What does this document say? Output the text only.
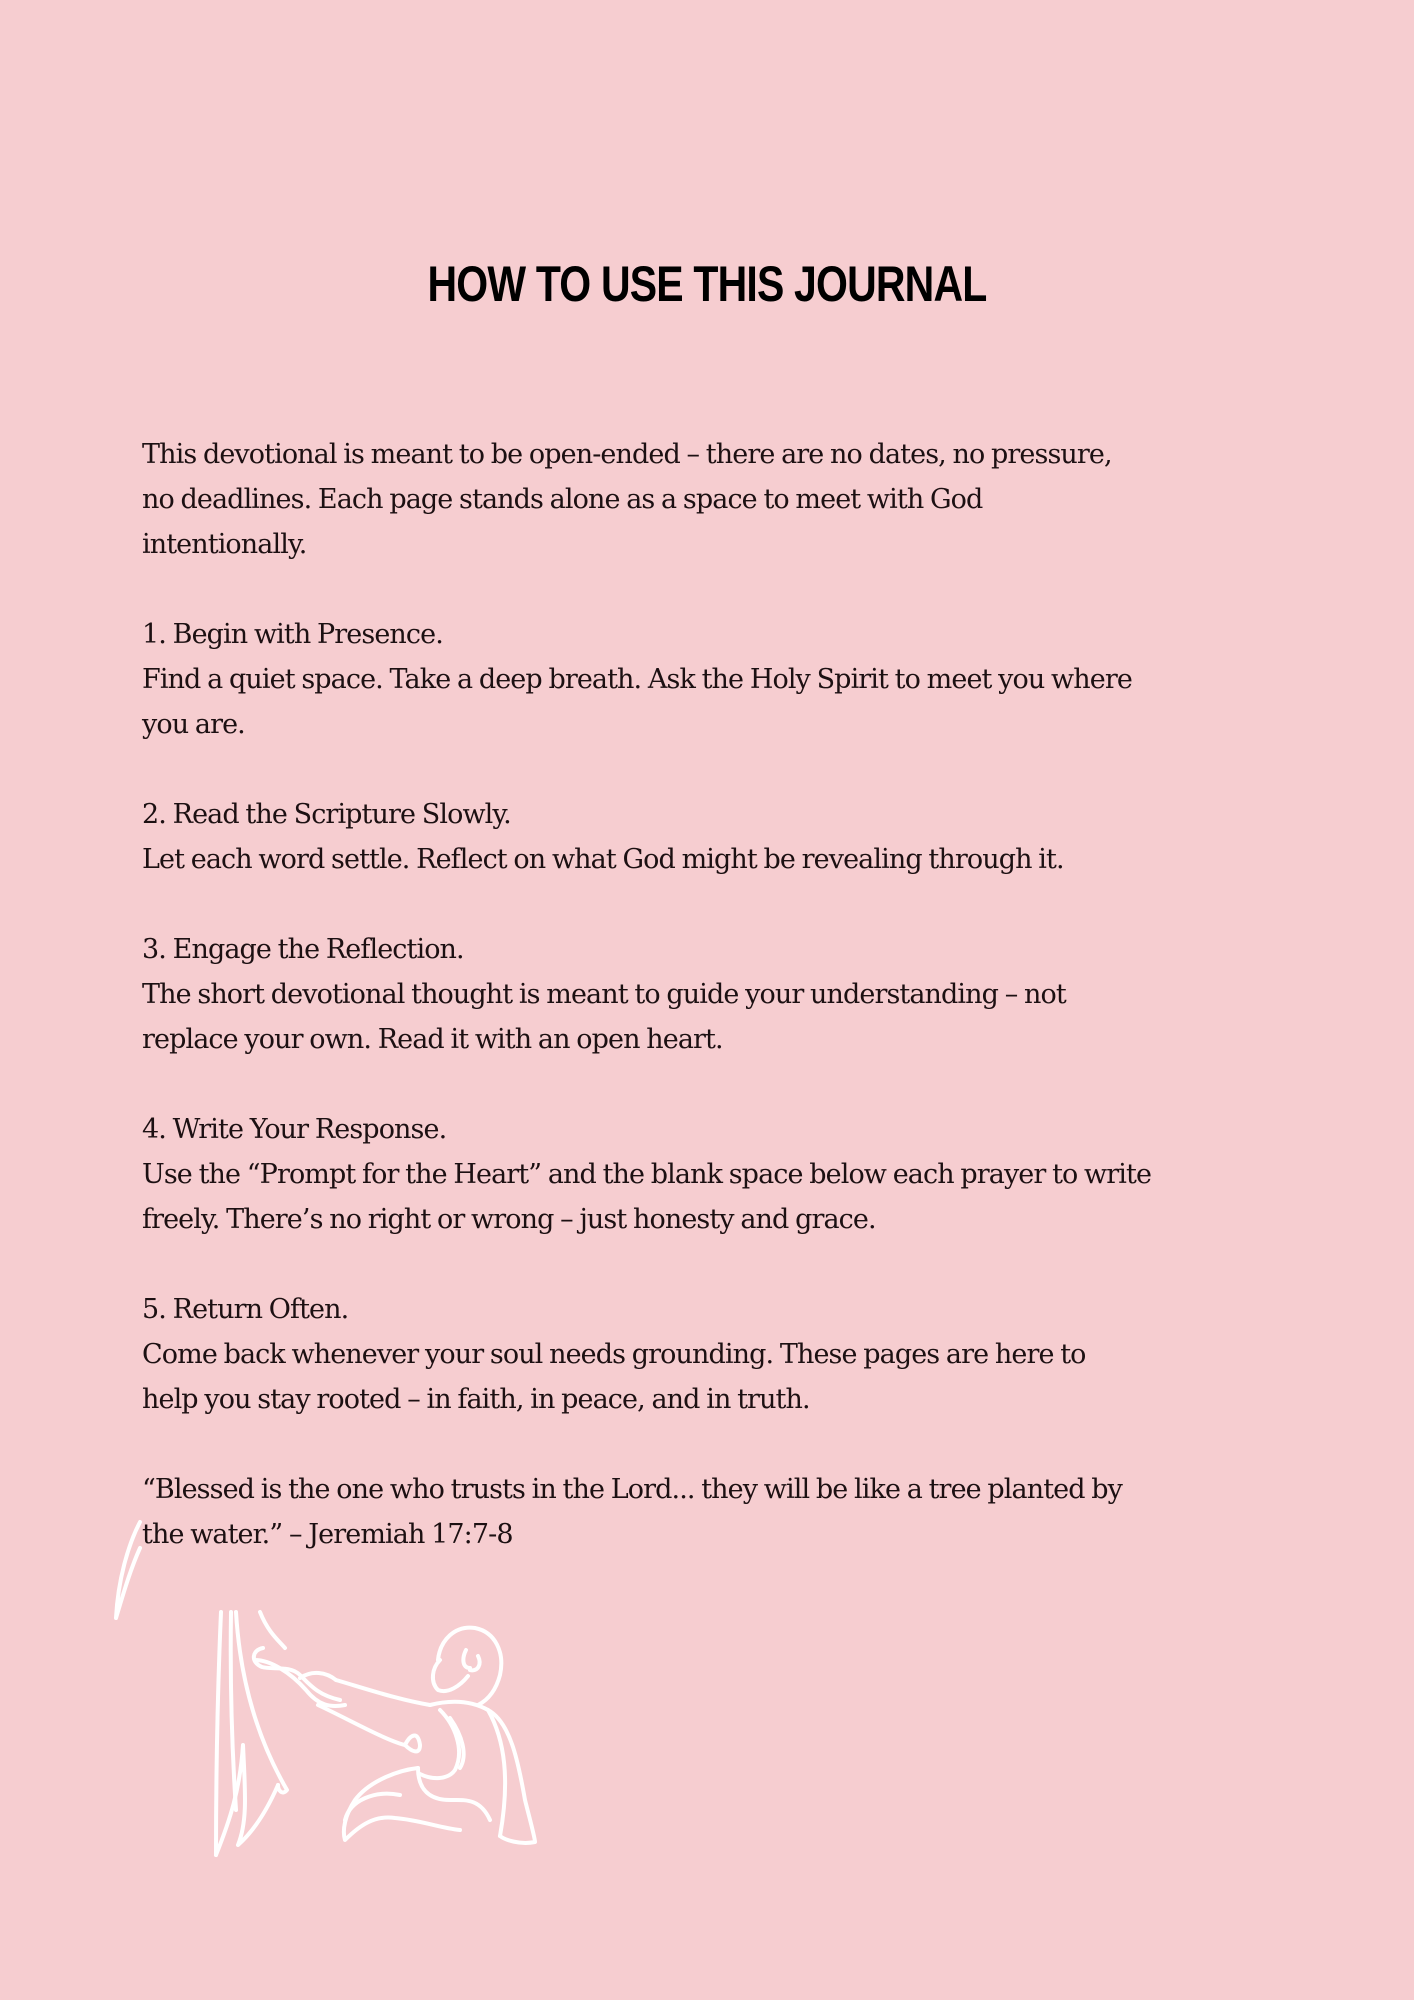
HOW TO USE THIS JOURNAL
This devotional is meant to be open-ended – there are no dates, no pressure,
no deadlines. Each page stands alone as a space to meet with God
intentionally.
1. Begin with Presence.
Find a quiet space. Take a deep breath. Ask the Holy Spirit to meet you where
you are.
2. Read the Scripture Slowly.
Let each word settle. Reflect on what God might be revealing through it.
3. Engage the Reflection.
The short devotional thought is meant to guide your understanding – not
replace your own. Read it with an open heart.
4. Write Your Response.
Use the “Prompt for the Heart” and the blank space below each prayer to write
freely. There’s no right or wrong – just honesty and grace.
5. Return Often.
Come back whenever your soul needs grounding. These pages are here to
help you stay rooted – in faith, in peace, and in truth.
“Blessed is the one who trusts in the Lord... they will be like a tree planted by
the water.” – Jeremiah 17:7-8
